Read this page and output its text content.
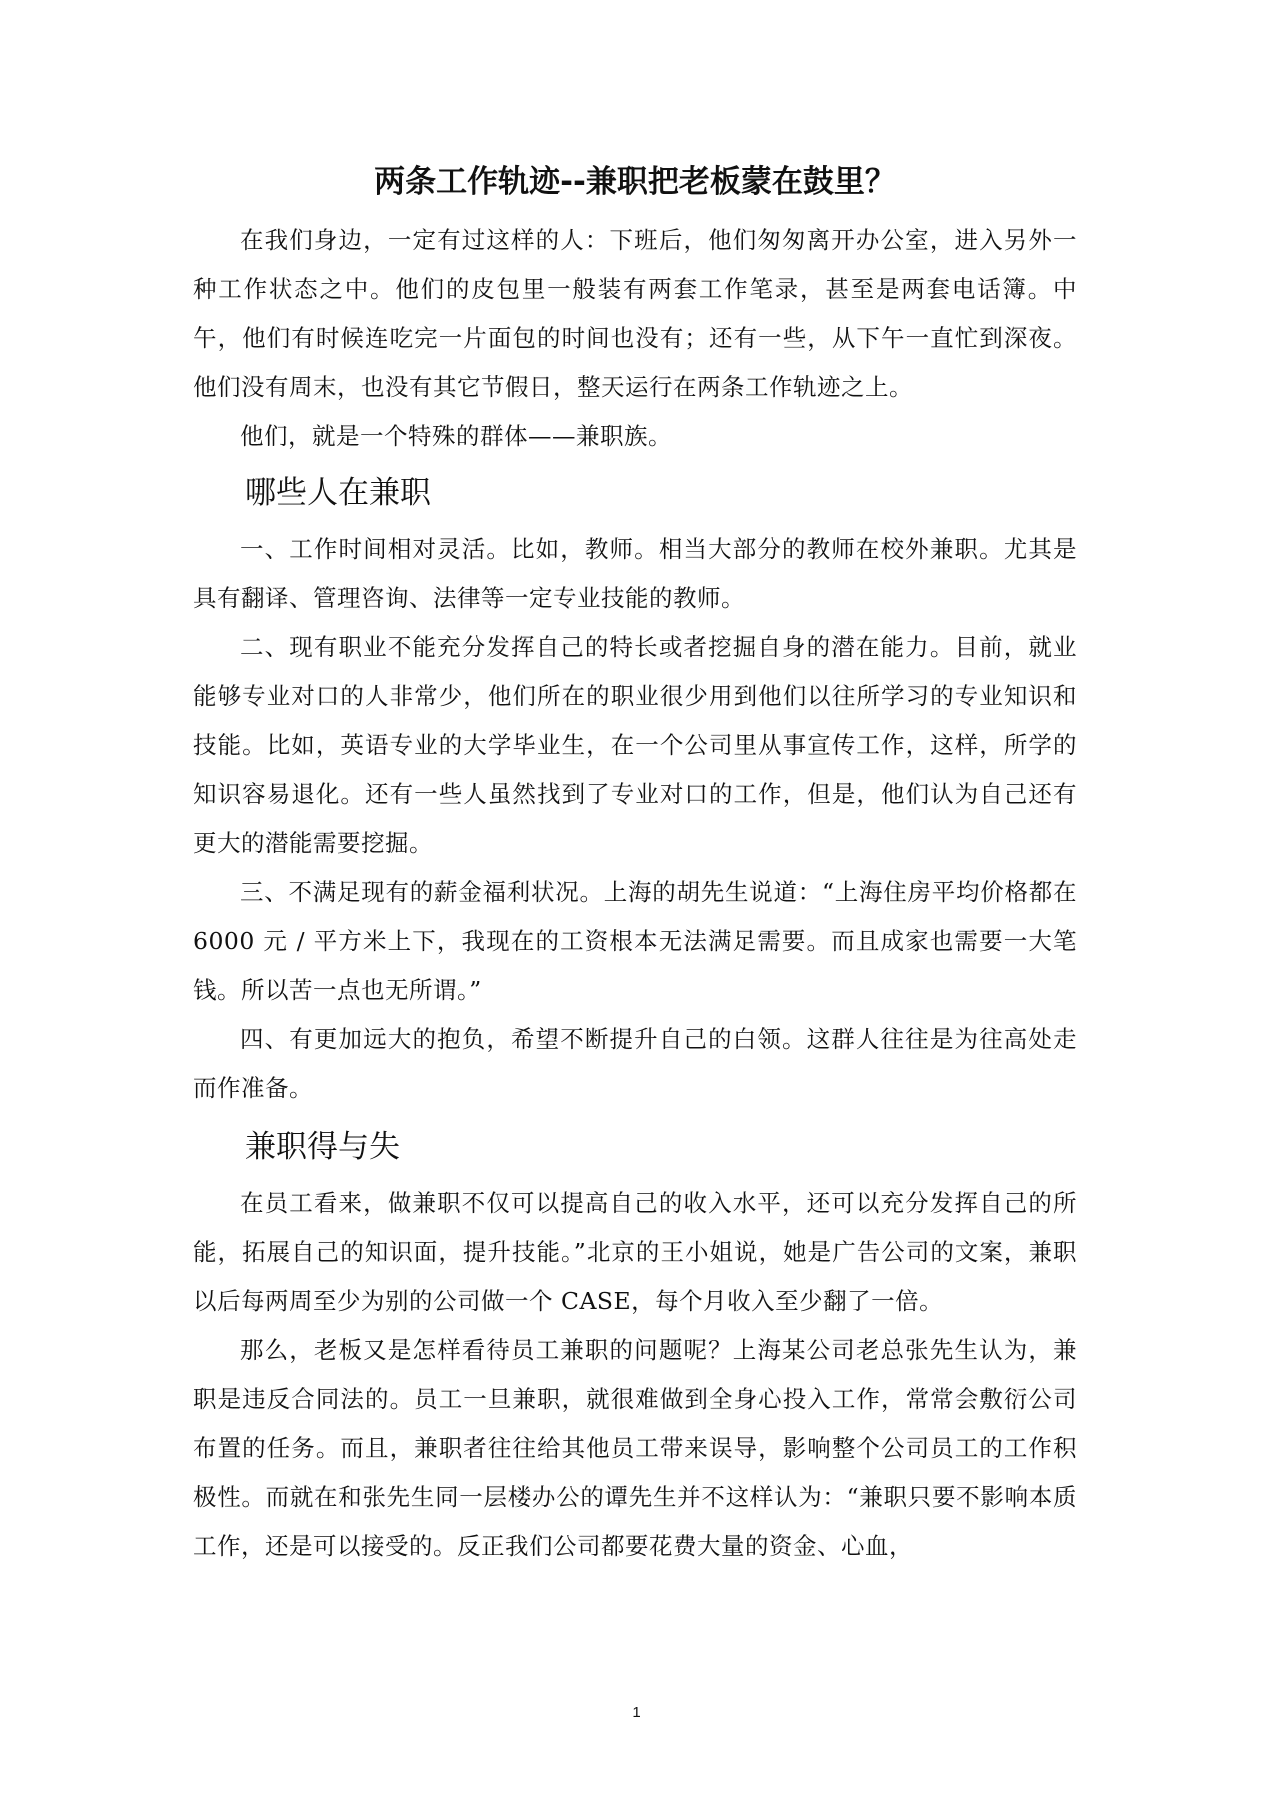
两条工作轨迹--兼职把老板蒙在鼓里？

在我们身边，一定有过这样的人：下班后，他们匆匆离开办公室，进入另外一种工作状态之中。他们的皮包里一般装有两套工作笔录，甚至是两套电话簿。中午，他们有时候连吃完一片面包的时间也没有；还有一些，从下午一直忙到深夜。他们没有周末，也没有其它节假日，整天运行在两条工作轨迹之上。

他们，就是一个特殊的群体——兼职族。

哪些人在兼职

一、工作时间相对灵活。比如，教师。相当大部分的教师在校外兼职。尤其是具有翻译、管理咨询、法律等一定专业技能的教师。

二、现有职业不能充分发挥自己的特长或者挖掘自身的潜在能力。目前，就业能够专业对口的人非常少，他们所在的职业很少用到他们以往所学习的专业知识和技能。比如，英语专业的大学毕业生，在一个公司里从事宣传工作，这样，所学的知识容易退化。还有一些人虽然找到了专业对口的工作，但是，他们认为自己还有更大的潜能需要挖掘。

三、不满足现有的薪金福利状况。上海的胡先生说道：“上海住房平均价格都在 6000 元 / 平方米上下，我现在的工资根本无法满足需要。而且成家也需要一大笔钱。所以苦一点也无所谓。”

四、有更加远大的抱负，希望不断提升自己的白领。这群人往往是为往高处走而作准备。

兼职得与失

在员工看来，做兼职不仅可以提高自己的收入水平，还可以充分发挥自己的所能，拓展自己的知识面，提升技能。”北京的王小姐说，她是广告公司的文案，兼职以后每两周至少为别的公司做一个 CASE，每个月收入至少翻了一倍。

那么，老板又是怎样看待员工兼职的问题呢？上海某公司老总张先生认为，兼职是违反合同法的。员工一旦兼职，就很难做到全身心投入工作，常常会敷衍公司布置的任务。而且，兼职者往往给其他员工带来误导，影响整个公司员工的工作积极性。而就在和张先生同一层楼办公的谭先生并不这样认为：“兼职只要不影响本质工作，还是可以接受的。反正我们公司都要花费大量的资金、心血，

1
